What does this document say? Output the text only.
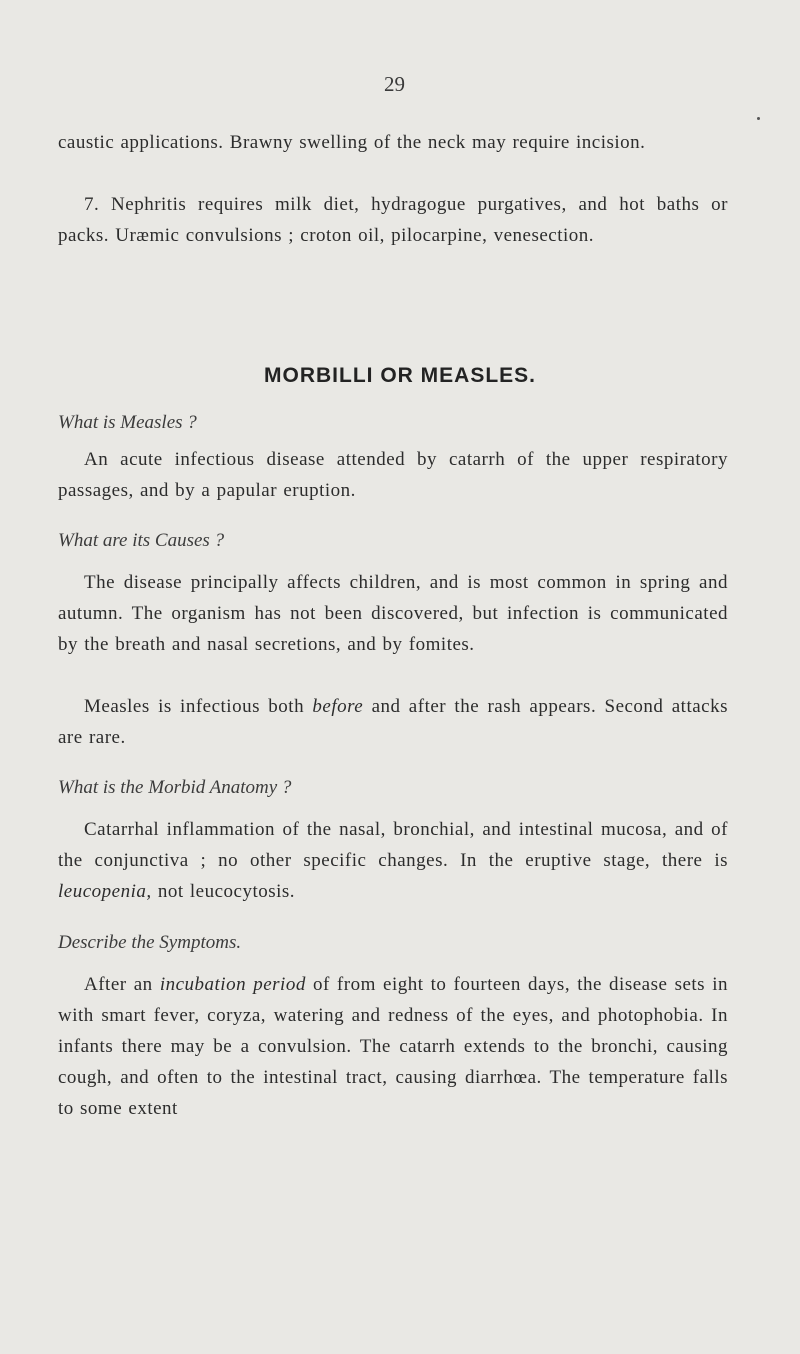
29

caustic applications. Brawny swelling of the neck may require incision.

7. Nephritis requires milk diet, hydragogue purgatives, and hot baths or packs. Uræmic convulsions ; croton oil, pilocarpine, venesection.

MORBILLI OR MEASLES.

What is Measles ?

An acute infectious disease attended by catarrh of the upper respiratory passages, and by a papular eruption.

What are its Causes ?

The disease principally affects children, and is most common in spring and autumn. The organism has not been discovered, but infection is communicated by the breath and nasal secretions, and by fomites.

Measles is infectious both before and after the rash appears. Second attacks are rare.

What is the Morbid Anatomy ?

Catarrhal inflammation of the nasal, bronchial, and intestinal mucosa, and of the conjunctiva ; no other specific changes. In the eruptive stage, there is leucopenia, not leucocytosis.

Describe the Symptoms.

After an incubation period of from eight to fourteen days, the disease sets in with smart fever, coryza, watering and redness of the eyes, and photophobia. In infants there may be a convulsion. The catarrh extends to the bronchi, causing cough, and often to the intestinal tract, causing diarrhœa. The temperature falls to some extent
